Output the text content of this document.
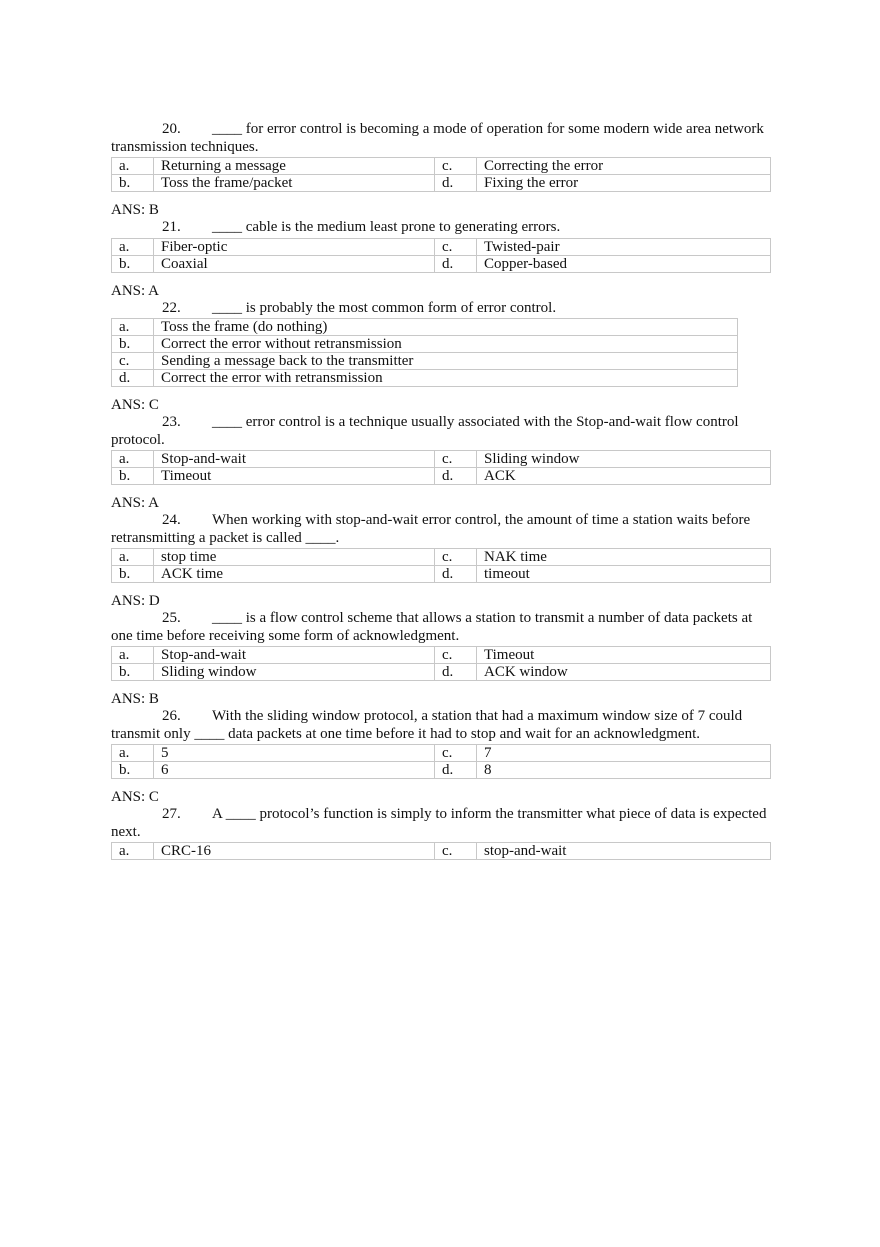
20. ____ for error control is becoming a mode of operation for some modern wide area network transmission techniques.
a.	Returning a message	c.	Correcting the error
b.	Toss the frame/packet	d.	Fixing the error
ANS: B
21. ____ cable is the medium least prone to generating errors.
a.	Fiber-optic	c.	Twisted-pair
b.	Coaxial	d.	Copper-based
ANS: A
22. ____ is probably the most common form of error control.
a.	Toss the frame (do nothing)
b.	Correct the error without retransmission
c.	Sending a message back to the transmitter
d.	Correct the error with retransmission
ANS: C
23. ____ error control is a technique usually associated with the Stop-and-wait flow control protocol.
a.	Stop-and-wait	c.	Sliding window
b.	Timeout	d.	ACK
ANS: A
24. When working with stop-and-wait error control, the amount of time a station waits before retransmitting a packet is called ____.
a.	stop time	c.	NAK time
b.	ACK time	d.	timeout
ANS: D
25. ____ is a flow control scheme that allows a station to transmit a number of data packets at one time before receiving some form of acknowledgment.
a.	Stop-and-wait	c.	Timeout
b.	Sliding window	d.	ACK window
ANS: B
26. With the sliding window protocol, a station that had a maximum window size of 7 could transmit only ____ data packets at one time before it had to stop and wait for an acknowledgment.
a.	5	c.	7
b.	6	d.	8
ANS: C
27. A ____ protocol’s function is simply to inform the transmitter what piece of data is expected next.
a.	CRC-16	c.	stop-and-wait
